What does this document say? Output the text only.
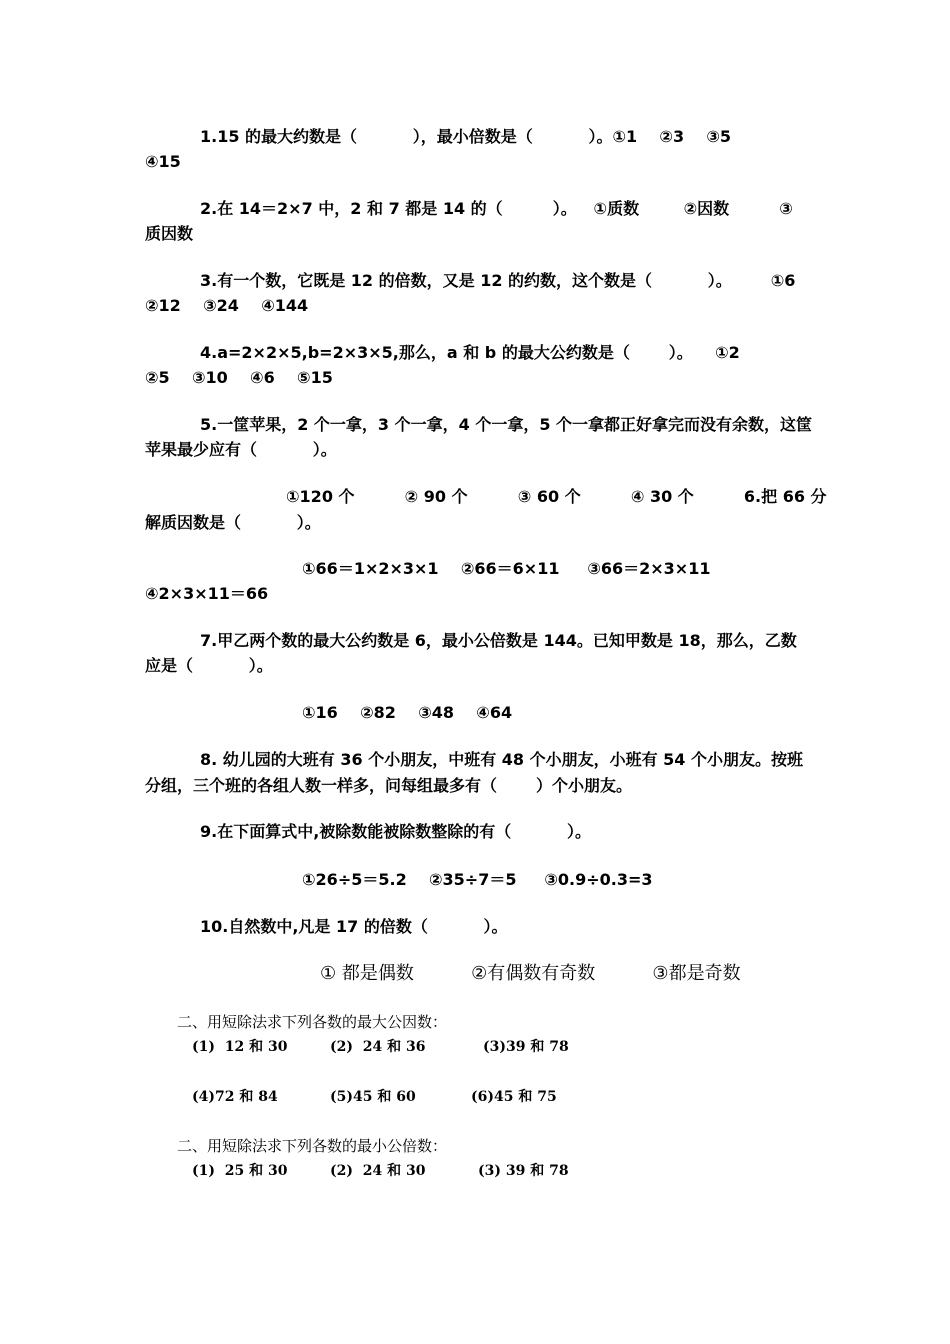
1.15 的最大约数是（          ），最小倍数是（          ）。①1    ②3    ③5
④15
2.在 14＝2×7 中，2 和 7 都是 14 的（         ）。   ①质数        ②因数         ③
质因数
3.有一个数，它既是 12 的倍数，又是 12 的约数，这个数是（          ）。       ①6
②12    ③24    ④144
4.a=2×2×5,b=2×3×5,那么，a 和 b 的最大公约数是（       ）。    ①2
②5    ③10    ④6    ⑤15
5.一筐苹果，2 个一拿，3 个一拿，4 个一拿，5 个一拿都正好拿完而没有余数，这筐
苹果最少应有（          ）。
①120 个         ② 90 个         ③ 60 个         ④ 30 个         6.把 66 分
解质因数是（          ）。
①66＝1×2×3×1    ②66＝6×11     ③66＝2×3×11
④2×3×11＝66
7.甲乙两个数的最大公约数是 6，最小公倍数是 144。已知甲数是 18，那么，乙数
应是（          ）。
①16    ②82    ③48    ④64
8. 幼儿园的大班有 36 个小朋友，中班有 48 个小朋友，小班有 54 个小朋友。按班
分组，三个班的各组人数一样多，问每组最多有（       ）个小朋友。
9.在下面算式中,被除数能被除数整除的有（          ）。
①26÷5＝5.2    ②35÷7＝5     ③0.9÷0.3=3
10.自然数中,凡是 17 的倍数（          ）。
① 都是偶数          ②有偶数有奇数          ③都是奇数
二、用短除法求下列各数的最大公因数：
(1)  12 和 30	(2)  24 和 36	(3)39 和 78
(4)72 和 84	(5)45 和 60	(6)45 和 75
二、用短除法求下列各数的最小公倍数：
(1)  25 和 30	(2)  24 和 30	(3) 39 和 78
